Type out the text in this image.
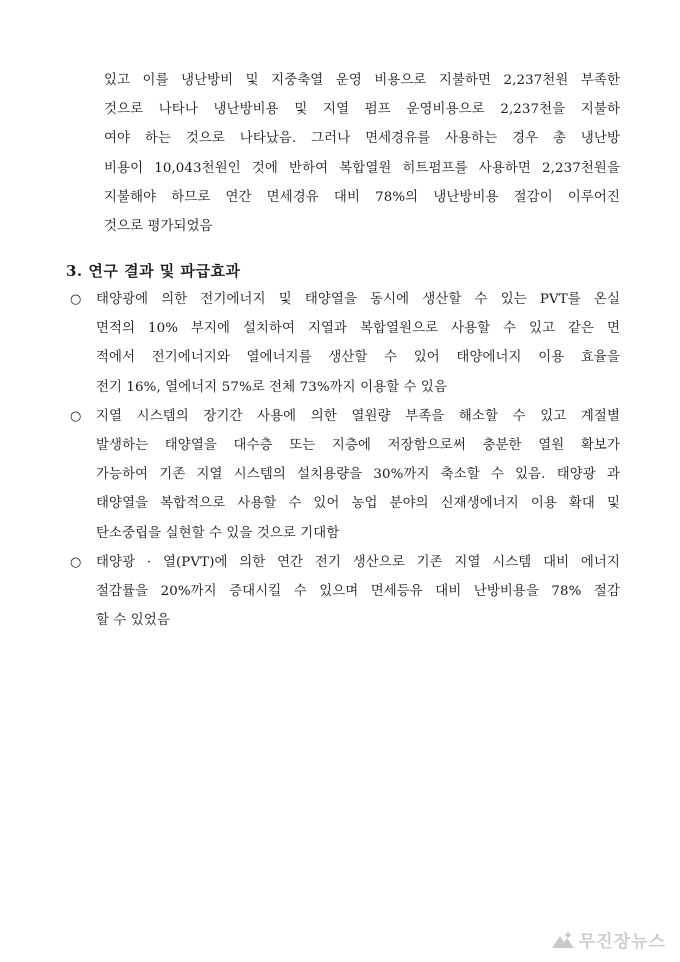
있고 이를 냉난방비 및 지중축열 운영 비용으로 지불하면 2,237천원 부족한
것으로 나타나 냉난방비용 및 지열 펌프 운영비용으로 2,237천을 지불하
여야 하는 것으로 나타났음. 그러나 면세경유를 사용하는 경우 총 냉난방
비용이 10,043천원인 것에 반하여 복합열원 히트펌프를 사용하면 2,237천원을
지불해야 하므로 연간 면세경유 대비 78%의 냉난방비용 절감이 이루어진
것으로 평가되었음
3. 연구 결과 및 파급효과
○ 태양광에 의한 전기에너지 및 태양열을 동시에 생산할 수 있는 PVT를 온실
면적의 10% 부지에 설치하여 지열과 복합열원으로 사용할 수 있고 같은 면
적에서 전기에너지와 열에너지를 생산할 수 있어 태양에너지 이용 효율을
전기 16%, 열에너지 57%로 전체 73%까지 이용할 수 있음
○ 지열 시스템의 장기간 사용에 의한 열원량 부족을 해소할 수 있고 계절별
발생하는 태양열을 대수층 또는 지층에 저장함으로써 충분한 열원 확보가
가능하여 기존 지열 시스템의 설치용량을 30%까지 축소할 수 있음. 태양광 과
태양열을 복합적으로 사용할 수 있어 농업 분야의 신재생에너지 이용 확대 및
탄소중립을 실현할 수 있을 것으로 기대함
○ 태양광 · 열(PVT)에 의한 연간 전기 생산으로 기존 지열 시스템 대비 에너지
절감률을 20%까지 증대시킬 수 있으며 면세등유 대비 난방비용을 78% 절감
할 수 있었음
무진장뉴스
